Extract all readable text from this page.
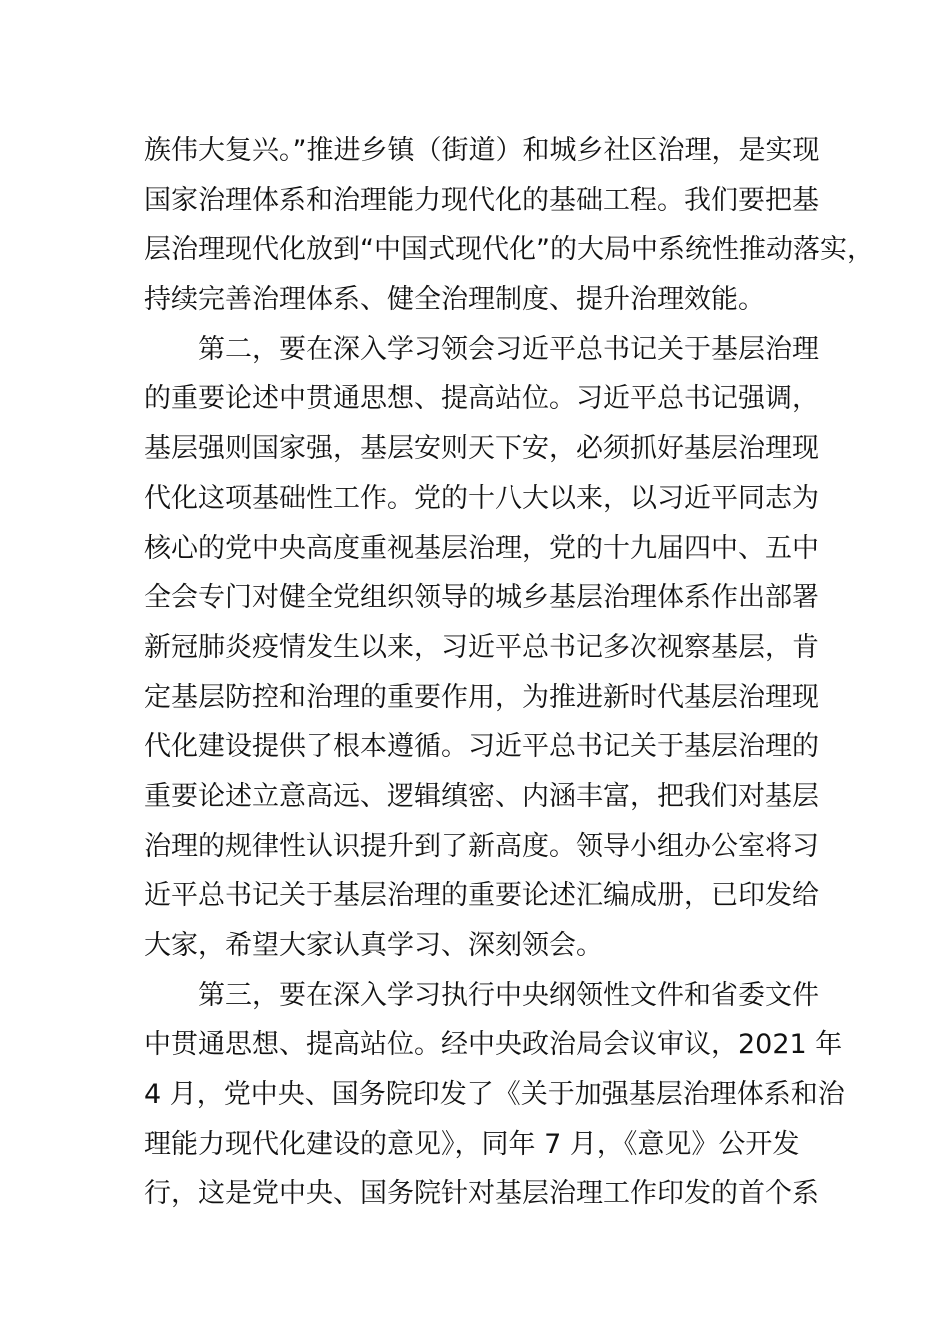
族伟大复兴。”推进乡镇（街道）和城乡社区治理，是实现
国家治理体系和治理能力现代化的基础工程。我们要把基
层治理现代化放到“中国式现代化”的大局中系统性推动落实，
持续完善治理体系、健全治理制度、提升治理效能。
第二，要在深入学习领会习近平总书记关于基层治理
的重要论述中贯通思想、提高站位。习近平总书记强调，
基层强则国家强，基层安则天下安，必须抓好基层治理现
代化这项基础性工作。党的十八大以来，以习近平同志为
核心的党中央高度重视基层治理，党的十九届四中、五中
全会专门对健全党组织领导的城乡基层治理体系作出部署
新冠肺炎疫情发生以来，习近平总书记多次视察基层，肯
定基层防控和治理的重要作用，为推进新时代基层治理现
代化建设提供了根本遵循。习近平总书记关于基层治理的
重要论述立意高远、逻辑缜密、内涵丰富，把我们对基层
治理的规律性认识提升到了新高度。领导小组办公室将习
近平总书记关于基层治理的重要论述汇编成册，已印发给
大家，希望大家认真学习、深刻领会。
第三，要在深入学习执行中央纲领性文件和省委文件
中贯通思想、提高站位。经中央政治局会议审议，2021 年
4 月，党中央、国务院印发了《关于加强基层治理体系和治
理能力现代化建设的意见》，同年 7 月，《意见》公开发
行，这是党中央、国务院针对基层治理工作印发的首个系
